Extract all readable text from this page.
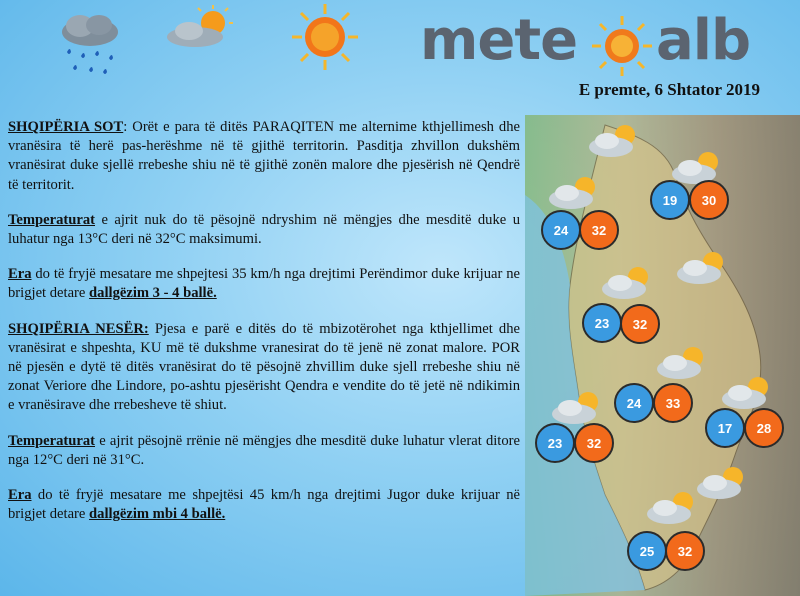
mete alb
E premte, 6 Shtator 2019

SHQIPËRIA SOT: Orët e para të ditës PARAQITEN me alternime kthjellimesh dhe vranësira të herë pas-herëshme në të gjithë territorin. Pasditja zhvillon dukshëm vranësirat duke sjellë rrebeshe shiu në të gjithë zonën malore dhe pjesërish në Qendrë të territorit.

Temperaturat e ajrit nuk do të pësojnë ndryshim në mëngjes dhe mesditë duke u luhatur nga 13°C deri në 32°C maksimumi.

Era do të fryjë mesatare me shpejtesi 35 km/h nga drejtimi Perëndimor duke krijuar ne brigjet detare dallgëzim 3 - 4 ballë.

SHQIPËRIA NESËR: Pjesa e parë e ditës do të mbizotërohet nga kthjellimet dhe vranësirat e shpeshta, KU më të dukshme vranesirat do të jenë në zonat malore. POR në pjesën e dytë të ditës vranësirat do të pësojnë zhvillim duke sjell rrebeshe shiu në zonat Veriore dhe Lindore, po-ashtu pjesërisht Qendra e vendite do të jetë në ndikimin e vranësirave dhe rrebesheve të shiut.

Temperaturat e ajrit pësojnë rrënie në mëngjes dhe mesditë duke luhatur vlerat ditore nga 12°C deri në 31°C.

Era do të fryjë mesatare me shpejtësi 45 km/h nga drejtimi Jugor duke krijuar në brigjet detare dallgëzim mbi 4 ballë.

24	32
19	30
23	32
24	33
17	28
23	32
25	32
